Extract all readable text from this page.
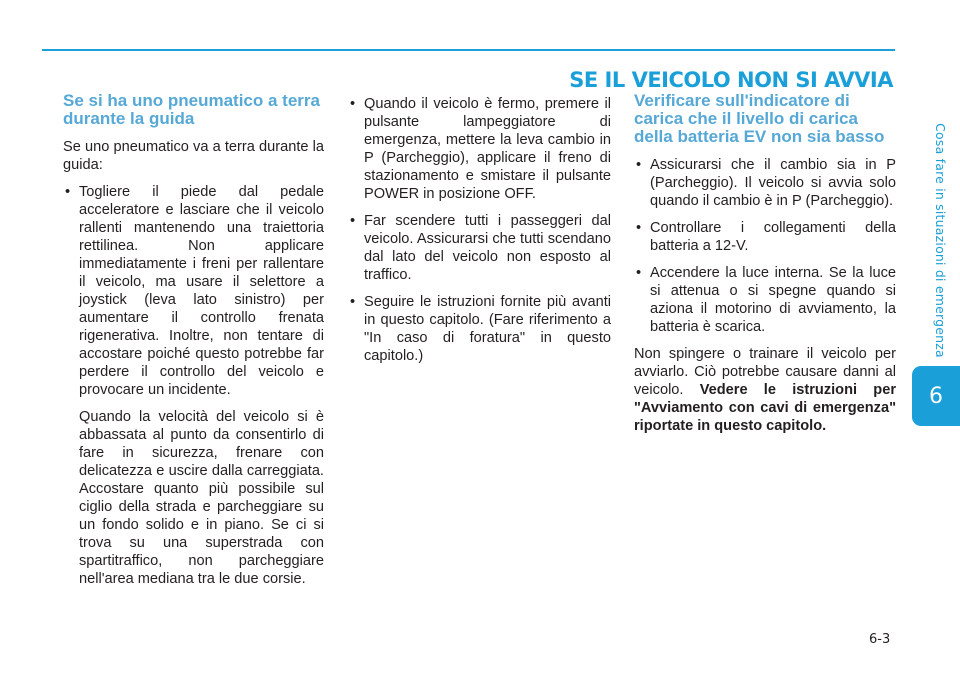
SE IL VEICOLO NON SI AVVIA
Cosa fare in situazioni di emergenza
6
Se si ha uno pneumatico a terra durante la guida

Se uno pneumatico va a terra durante la guida:

• Togliere il piede dal pedale acceleratore e lasciare che il veicolo rallenti mantenendo una traiettoria rettilinea. Non applicare immediatamente i freni per rallentare il veicolo, ma usare il selettore a joystick (leva lato sinistro) per aumentare il controllo frenata rigenerativa. Inoltre, non tentare di accostare poiché questo potrebbe far perdere il controllo del veicolo e provocare un incidente.

Quando la velocità del veicolo si è abbassata al punto da consentirlo di fare in sicurezza, frenare con delicatezza e uscire dalla carreggiata. Accostare quanto più possibile sul ciglio della strada e parcheggiare su un fondo solido e in piano. Se ci si trova su una superstrada con spartitraffico, non parcheggiare nell'area mediana tra le due corsie.

• Quando il veicolo è fermo, premere il pulsante lampeggiatore di emergenza, mettere la leva cambio in P (Parcheggio), applicare il freno di stazionamento e smistare il pulsante POWER in posizione OFF.
• Far scendere tutti i passeggeri dal veicolo. Assicurarsi che tutti scendano dal lato del veicolo non esposto al traffico.
• Seguire le istruzioni fornite più avanti in questo capitolo. (Fare riferimento a "In caso di foratura" in questo capitolo.)
Verificare sull'indicatore di carica che il livello di carica della batteria EV non sia basso
• Assicurarsi che il cambio sia in P (Parcheggio). Il veicolo si avvia solo quando il cambio è in P (Parcheggio).
• Controllare i collegamenti della batteria a 12-V.
• Accendere la luce interna. Se la luce si attenua o si spegne quando si aziona il motorino di avviamento, la batteria è scarica.

Non spingere o trainare il veicolo per avviarlo. Ciò potrebbe causare danni al veicolo. Vedere le istruzioni per "Avviamento con cavi di emergenza" riportate in questo capitolo.

6-3
